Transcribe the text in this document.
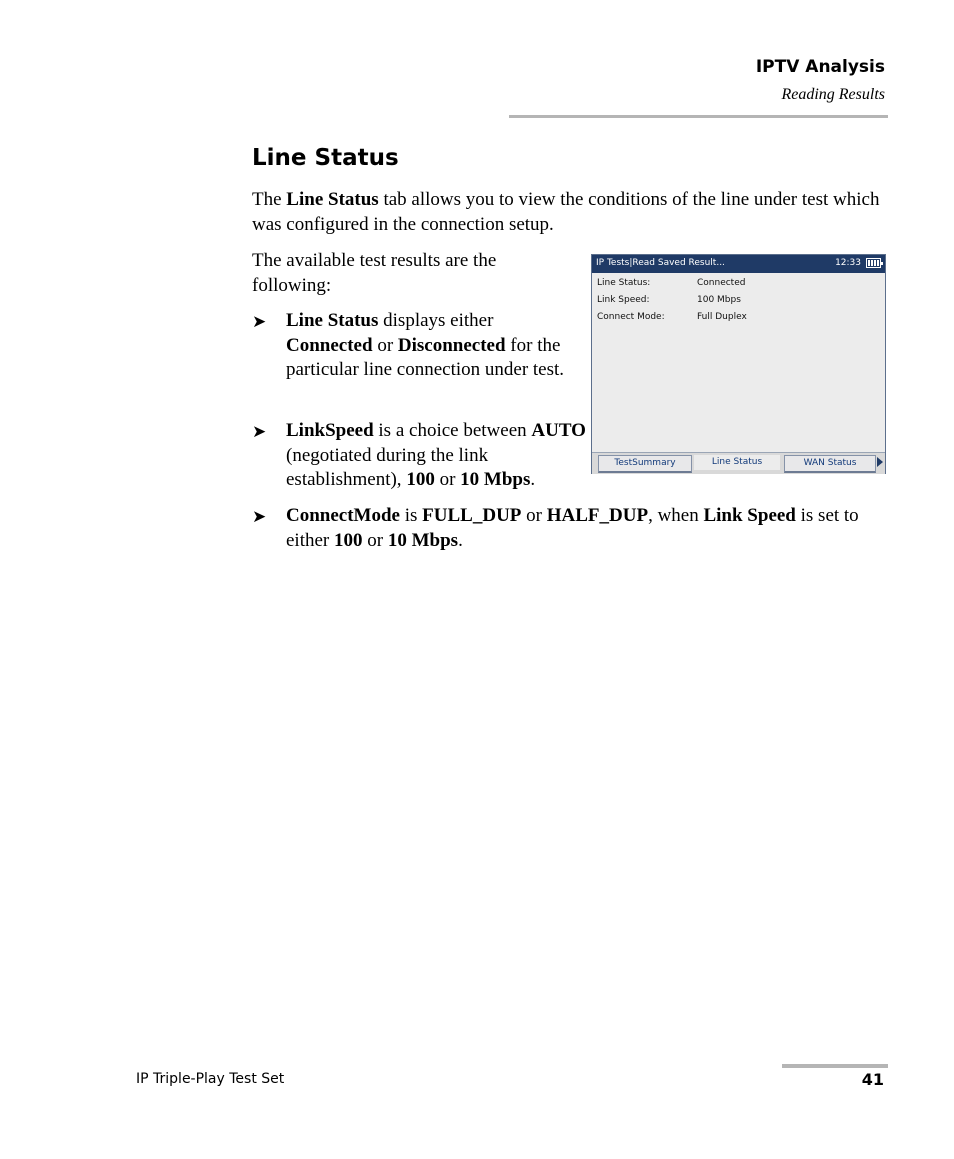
IPTV Analysis
Reading Results
Line Status
The Line Status tab allows you to view the conditions of the line under test which was configured in the connection setup.
The available test results are the following:
➤ Line Status displays either Connected or Disconnected for the particular line connection under test.
➤ LinkSpeed is a choice between AUTO (negotiated during the link establishment), 100 or 10 Mbps.
➤ ConnectMode is FULL_DUP or HALF_DUP, when Link Speed is set to either 100 or 10 Mbps.
IP Tests|Read Saved Result...	12:33
Line Status:	Connected
Link Speed:	100 Mbps
Connect Mode:	Full Duplex
TestSummary	Line Status	WAN Status
IP Triple-Play Test Set	41
